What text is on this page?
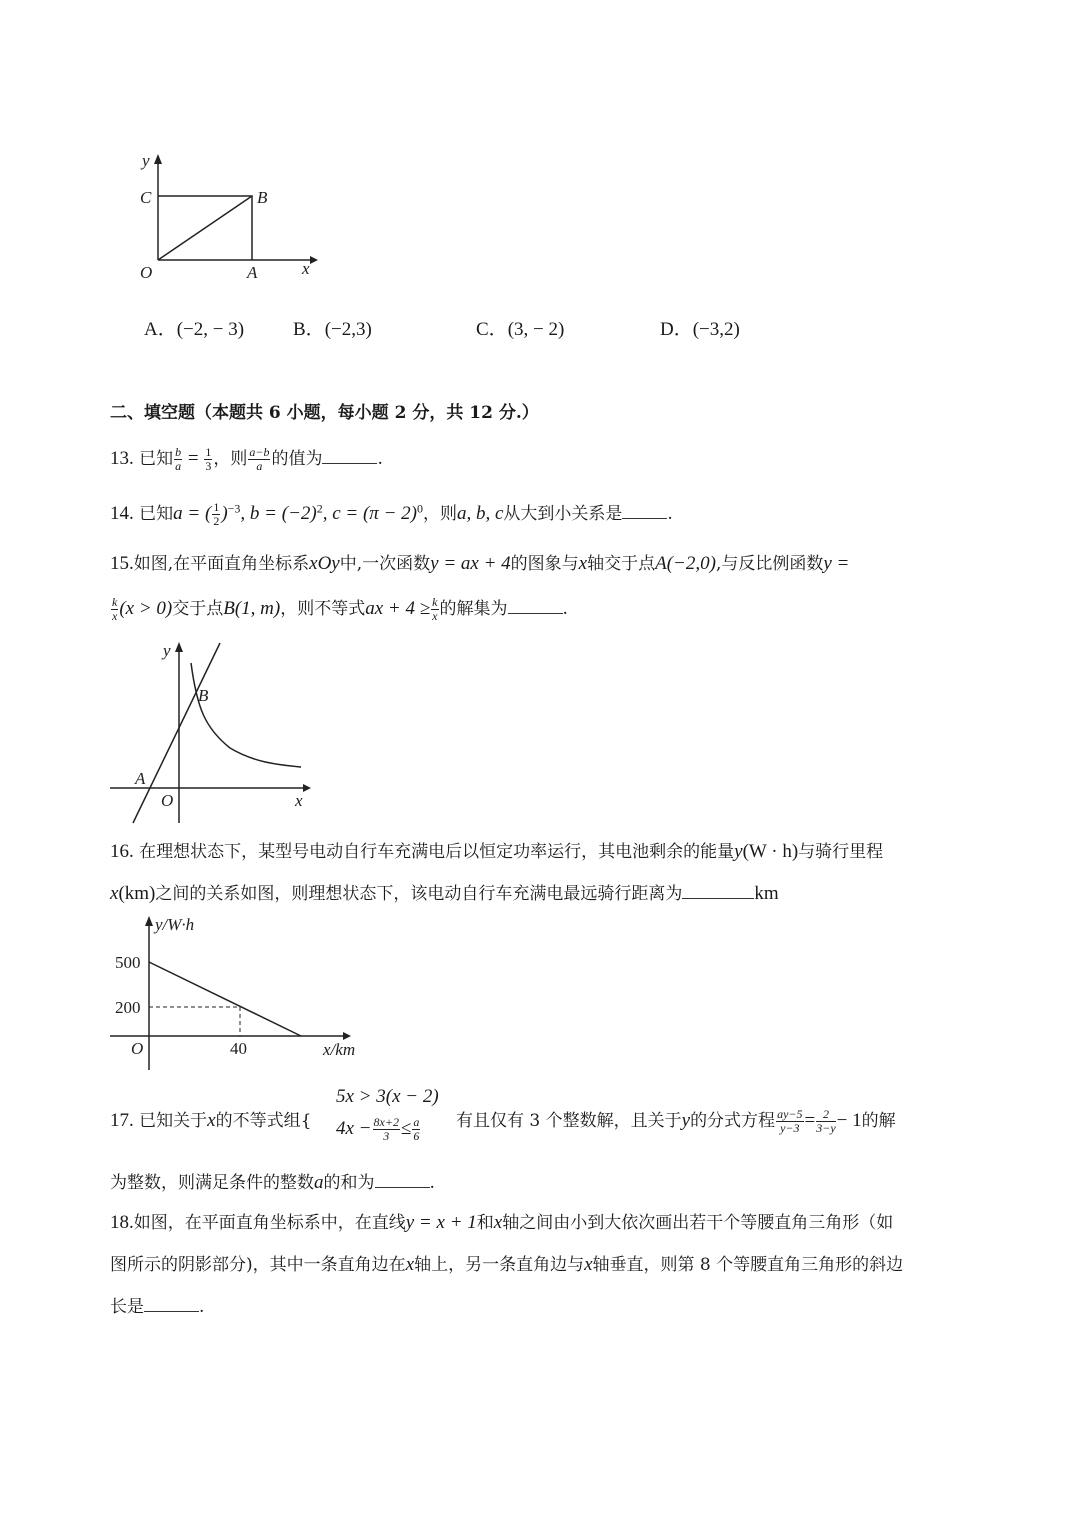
y
C	B
O	A	x
A．(−2, − 3)	B．(−2,3)	C．(3, − 2)	D．(−3,2)
二、填空题（本题共 6 小题，每小题 2 分，共 12 分.）
13. 已知 $\frac{b}{a} = \frac{1}{3}$ ，则 $\frac{a-b}{a}$ 的值为	.
14. 已知a = ( $\frac{1}{2} )^{-3}$, $b = (-2)^2$, $c = (\pi - 2)^0$，则a, b, c从大到小关系是	.
15.如图,在平面直角坐标系xOy中,一次函数y = ax + 4的图象与x轴交于点A(−2,0),与反比例函数y =
$\frac{k}{x} (x > 0)$交于点B(1, m)，则不等式ax + $4 \ge \frac{k}{x}$ 的解集为	.
y
B
A
O	x
16. 在理想状态下，某型号电动自行车充满电后以恒定功率运行，其电池剩余的能量y(W · h)与骑行里程
x(km)之间的关系如图，则理想状态下，该电动自行车充满电最远骑行距离为	km
y/W·h
500
200
O	40	x/km
17. 已知关于x的不等式组{
5x > 3(x − 2)
$4x - \frac{8x+2}{3} \le \frac{a}{6}$ 有且仅有 3 个整数解，且关于y的分式方程 $\frac{ay-5}{y-3} = \frac{2}{3-y} - 1$的解
为整数，则满足条件的整数a的和为	.
18.如图，在平面直角坐标系中，在直线y = x + 1和x轴之间由小到大依次画出若干个等腰直角三角形（如
图所示的阴影部分)，其中一条直角边在x轴上，另一条直角边与x轴垂直，则第 8 个等腰直角三角形的斜边
长是	.
